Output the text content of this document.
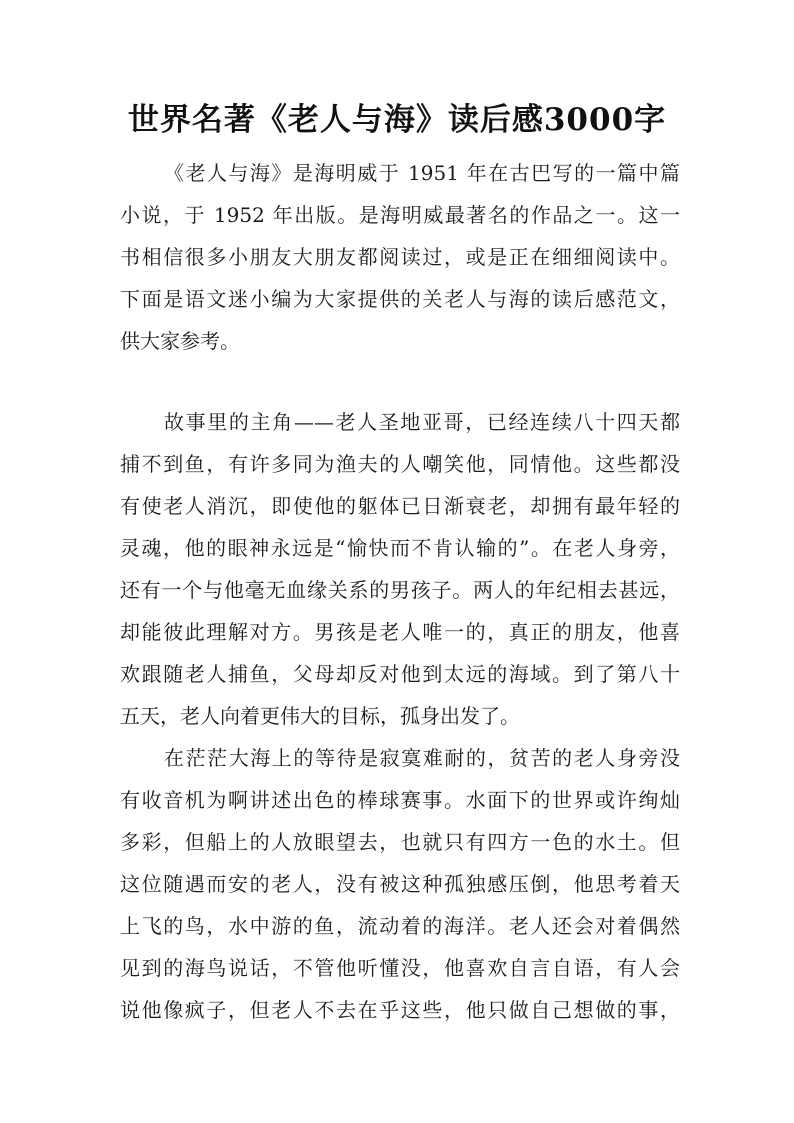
世界名著《老人与海》读后感3000字

《老人与海》是海明威于 1951 年在古巴写的一篇中篇

小说，于 1952 年出版。是海明威最著名的作品之一。这一

书相信很多小朋友大朋友都阅读过，或是正在细细阅读中。

下面是语文迷小编为大家提供的关老人与海的读后感范文，

供大家参考。

故事里的主角——老人圣地亚哥，已经连续八十四天都

捕不到鱼，有许多同为渔夫的人嘲笑他，同情他。这些都没

有使老人消沉，即使他的躯体已日渐衰老，却拥有最年轻的

灵魂，他的眼神永远是“愉快而不肯认输的”。在老人身旁，

还有一个与他毫无血缘关系的男孩子。两人的年纪相去甚远，

却能彼此理解对方。男孩是老人唯一的，真正的朋友，他喜

欢跟随老人捕鱼，父母却反对他到太远的海域。到了第八十

五天，老人向着更伟大的目标，孤身出发了。

在茫茫大海上的等待是寂寞难耐的，贫苦的老人身旁没

有收音机为啊讲述出色的棒球赛事。水面下的世界或许绚灿

多彩，但船上的人放眼望去，也就只有四方一色的水土。但

这位随遇而安的老人，没有被这种孤独感压倒，他思考着天

上飞的鸟，水中游的鱼，流动着的海洋。老人还会对着偶然

见到的海鸟说话，不管他听懂没，他喜欢自言自语，有人会

说他像疯子，但老人不去在乎这些，他只做自己想做的事，
